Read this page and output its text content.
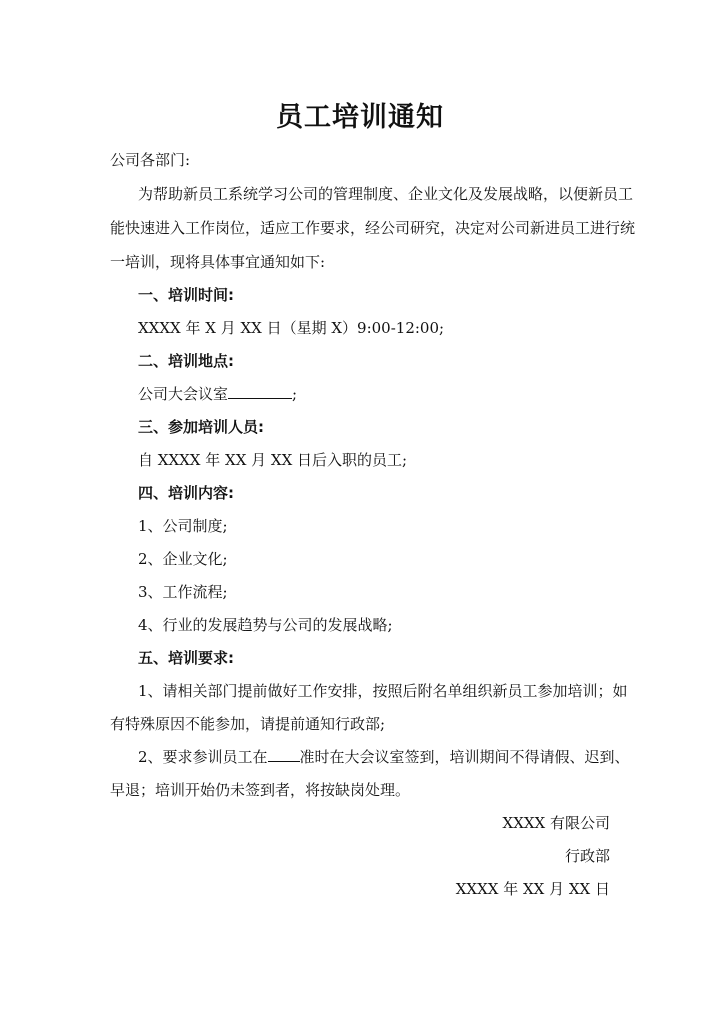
员工培训通知
公司各部门:
为帮助新员工系统学习公司的管理制度、企业文化及发展战略，以便新员工
能快速进入工作岗位，适应工作要求，经公司研究，决定对公司新进员工进行统
一培训，现将具体事宜通知如下:
一、培训时间:
XXXX 年 X 月 XX 日（星期 X）9:00-12:00;
二、培训地点:
公司大会议室	;
三、参加培训人员:
自 XXXX 年 XX 月 XX 日后入职的员工;
四、培训内容:
1、公司制度;
2、企业文化;
3、工作流程;
4、行业的发展趋势与公司的发展战略;
五、培训要求:
1、请相关部门提前做好工作安排，按照后附名单组织新员工参加培训；如
有特殊原因不能参加，请提前通知行政部;
2、要求参训员工在 准时在大会议室签到，培训期间不得请假、迟到、
早退；培训开始仍未签到者，将按缺岗处理。
XXXX 有限公司
行政部
XXXX 年 XX 月 XX 日
